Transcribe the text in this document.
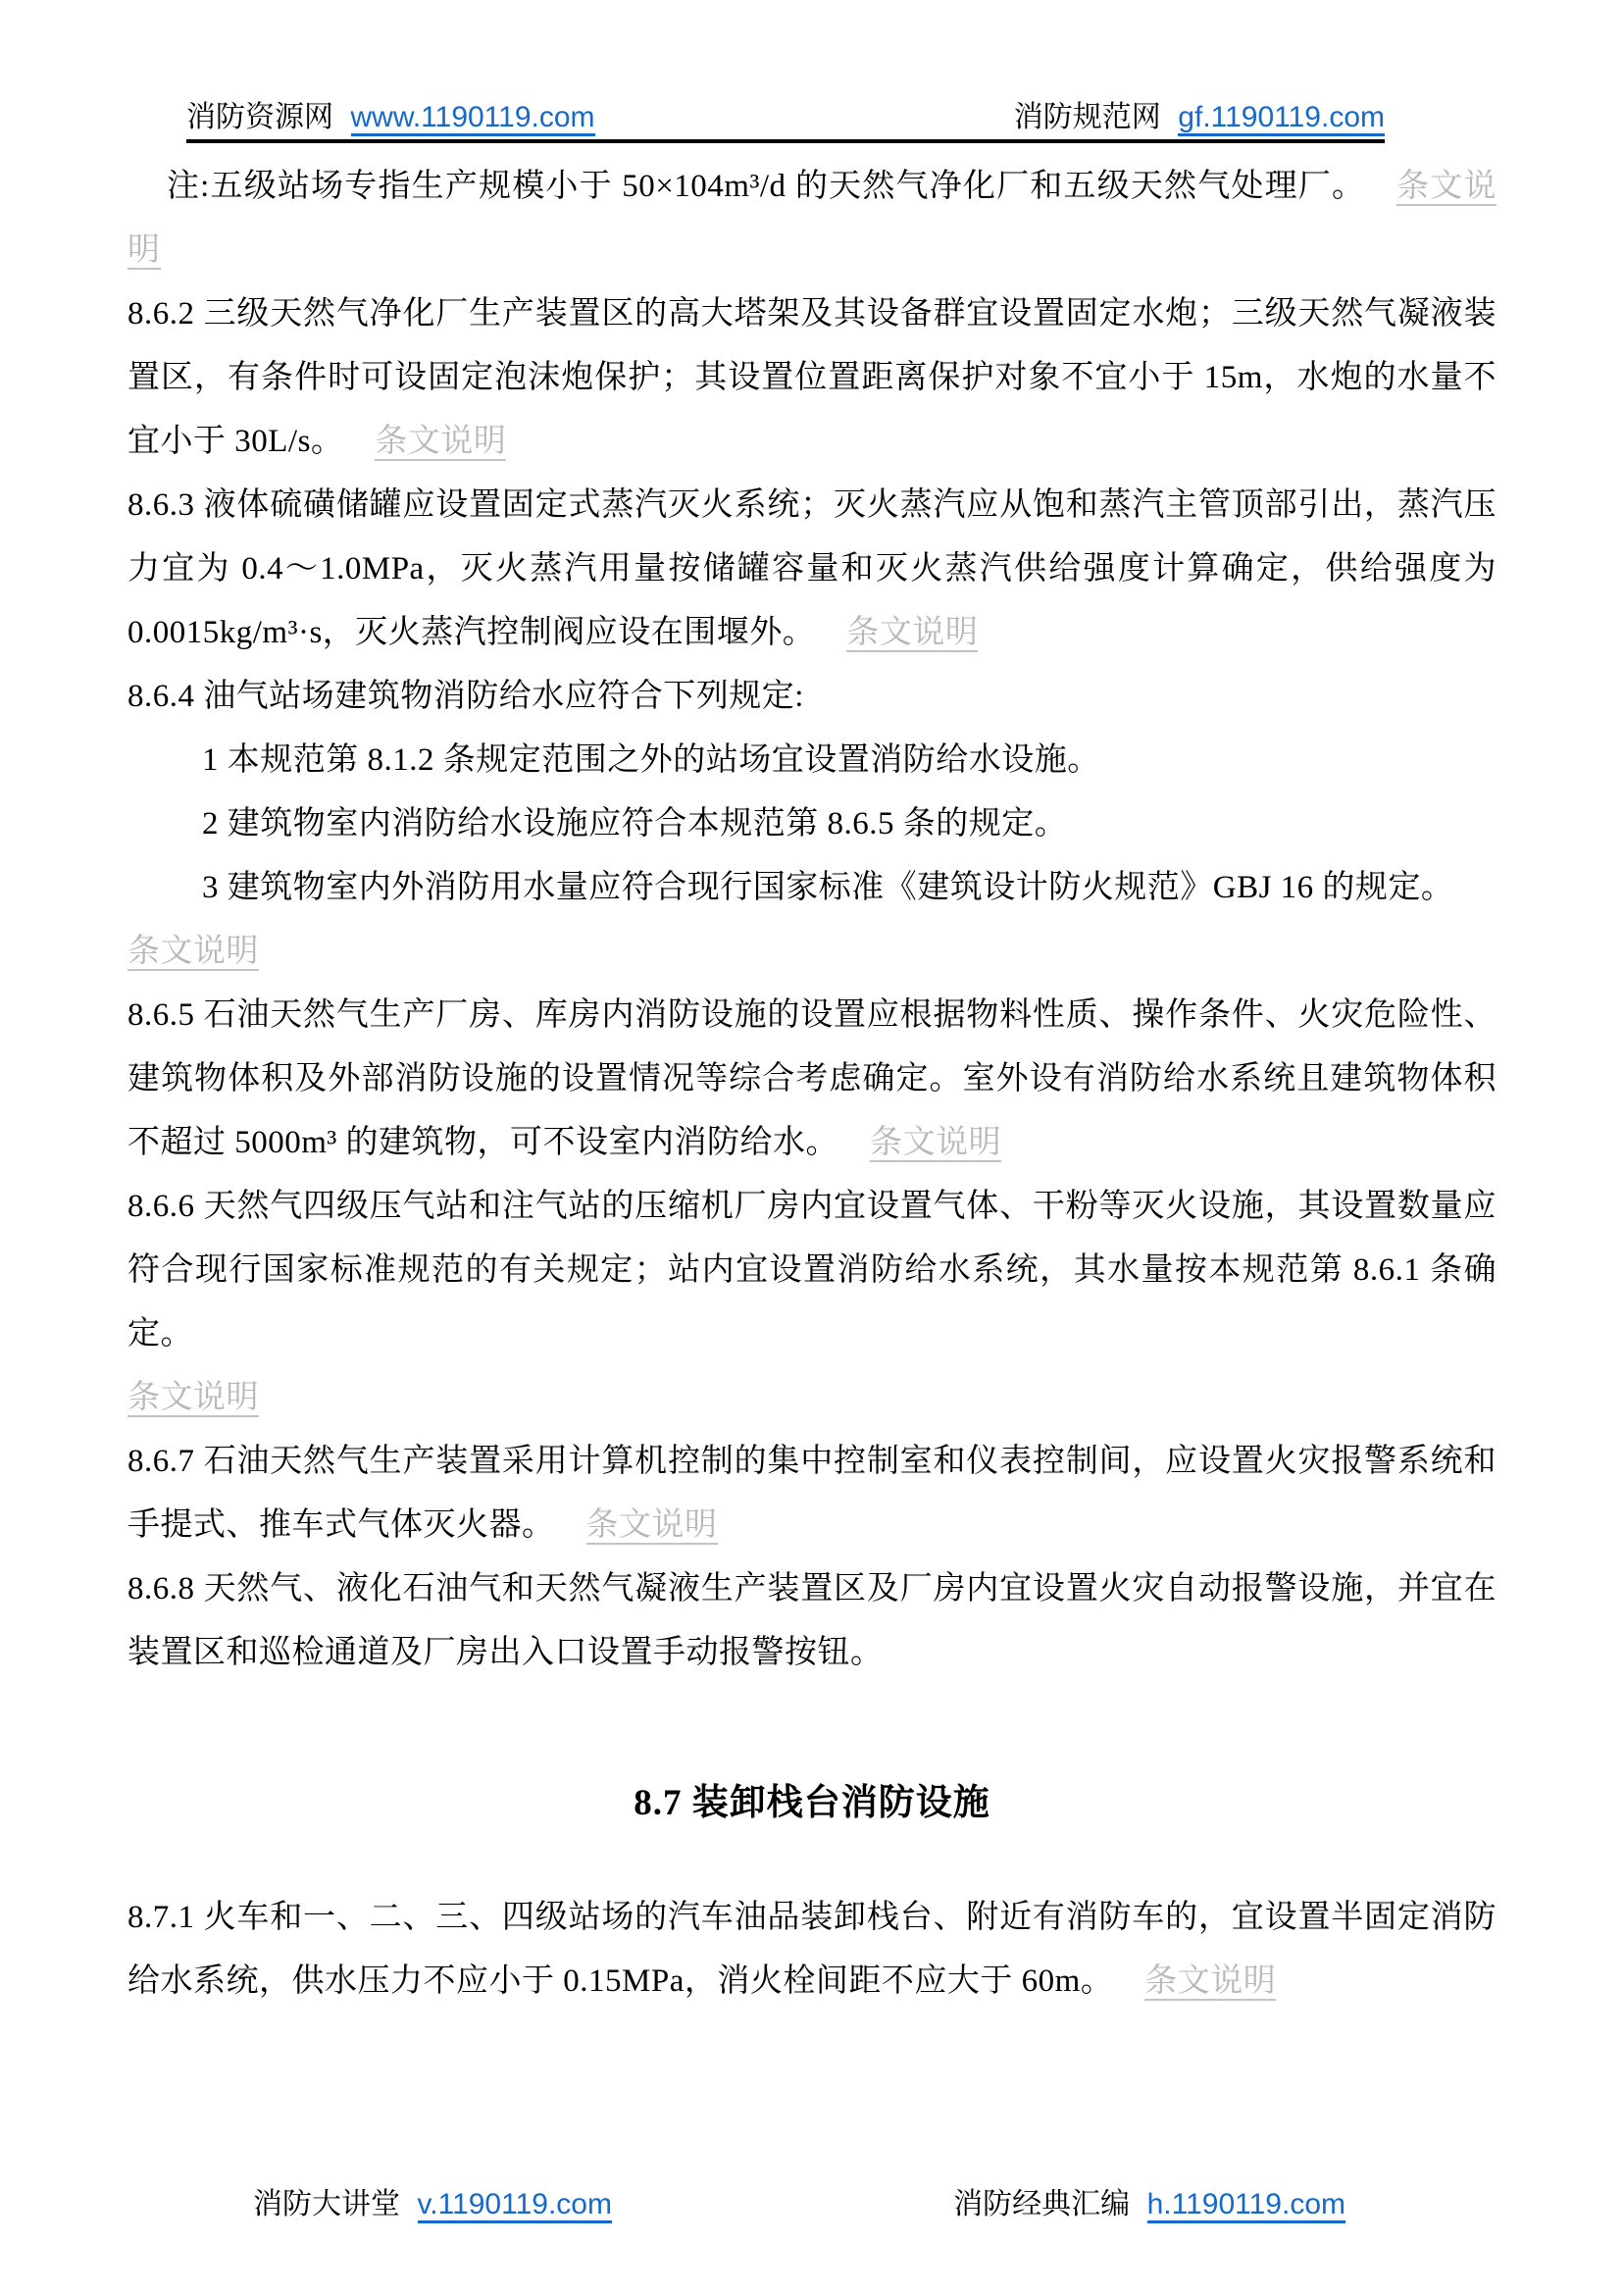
消防资源网 www.1190119.com	消防规范网 gf.1190119.com

注:五级站场专指生产规模小于 50×104m³/d 的天然气净化厂和五级天然气处理厂。 条文说明

8.6.2 三级天然气净化厂生产装置区的高大塔架及其设备群宜设置固定水炮；三级天然气凝液装置区，有条件时可设固定泡沫炮保护；其设置位置距离保护对象不宜小于 15m，水炮的水量不宜小于 30L/s。 条文说明

8.6.3 液体硫磺储罐应设置固定式蒸汽灭火系统；灭火蒸汽应从饱和蒸汽主管顶部引出，蒸汽压力宜为 0.4～1.0MPa，灭火蒸汽用量按储罐容量和灭火蒸汽供给强度计算确定，供给强度为 0.0015kg/m³·s，灭火蒸汽控制阀应设在围堰外。 条文说明

8.6.4 油气站场建筑物消防给水应符合下列规定:

1 本规范第 8.1.2 条规定范围之外的站场宜设置消防给水设施。

2 建筑物室内消防给水设施应符合本规范第 8.6.5 条的规定。

3 建筑物室内外消防用水量应符合现行国家标准《建筑设计防火规范》GBJ 16 的规定。

条文说明

8.6.5 石油天然气生产厂房、库房内消防设施的设置应根据物料性质、操作条件、火灾危险性、建筑物体积及外部消防设施的设置情况等综合考虑确定。室外设有消防给水系统且建筑物体积不超过 5000m³ 的建筑物，可不设室内消防给水。 条文说明

8.6.6 天然气四级压气站和注气站的压缩机厂房内宜设置气体、干粉等灭火设施，其设置数量应符合现行国家标准规范的有关规定；站内宜设置消防给水系统，其水量按本规范第 8.6.1 条确定。

条文说明

8.6.7 石油天然气生产装置采用计算机控制的集中控制室和仪表控制间，应设置火灾报警系统和手提式、推车式气体灭火器。 条文说明

8.6.8 天然气、液化石油气和天然气凝液生产装置区及厂房内宜设置火灾自动报警设施，并宜在装置区和巡检通道及厂房出入口设置手动报警按钮。

8.7 装卸栈台消防设施

8.7.1 火车和一、二、三、四级站场的汽车油品装卸栈台、附近有消防车的，宜设置半固定消防给水系统，供水压力不应小于 0.15MPa，消火栓间距不应大于 60m。 条文说明

消防大讲堂 v.1190119.com	消防经典汇编 h.1190119.com
